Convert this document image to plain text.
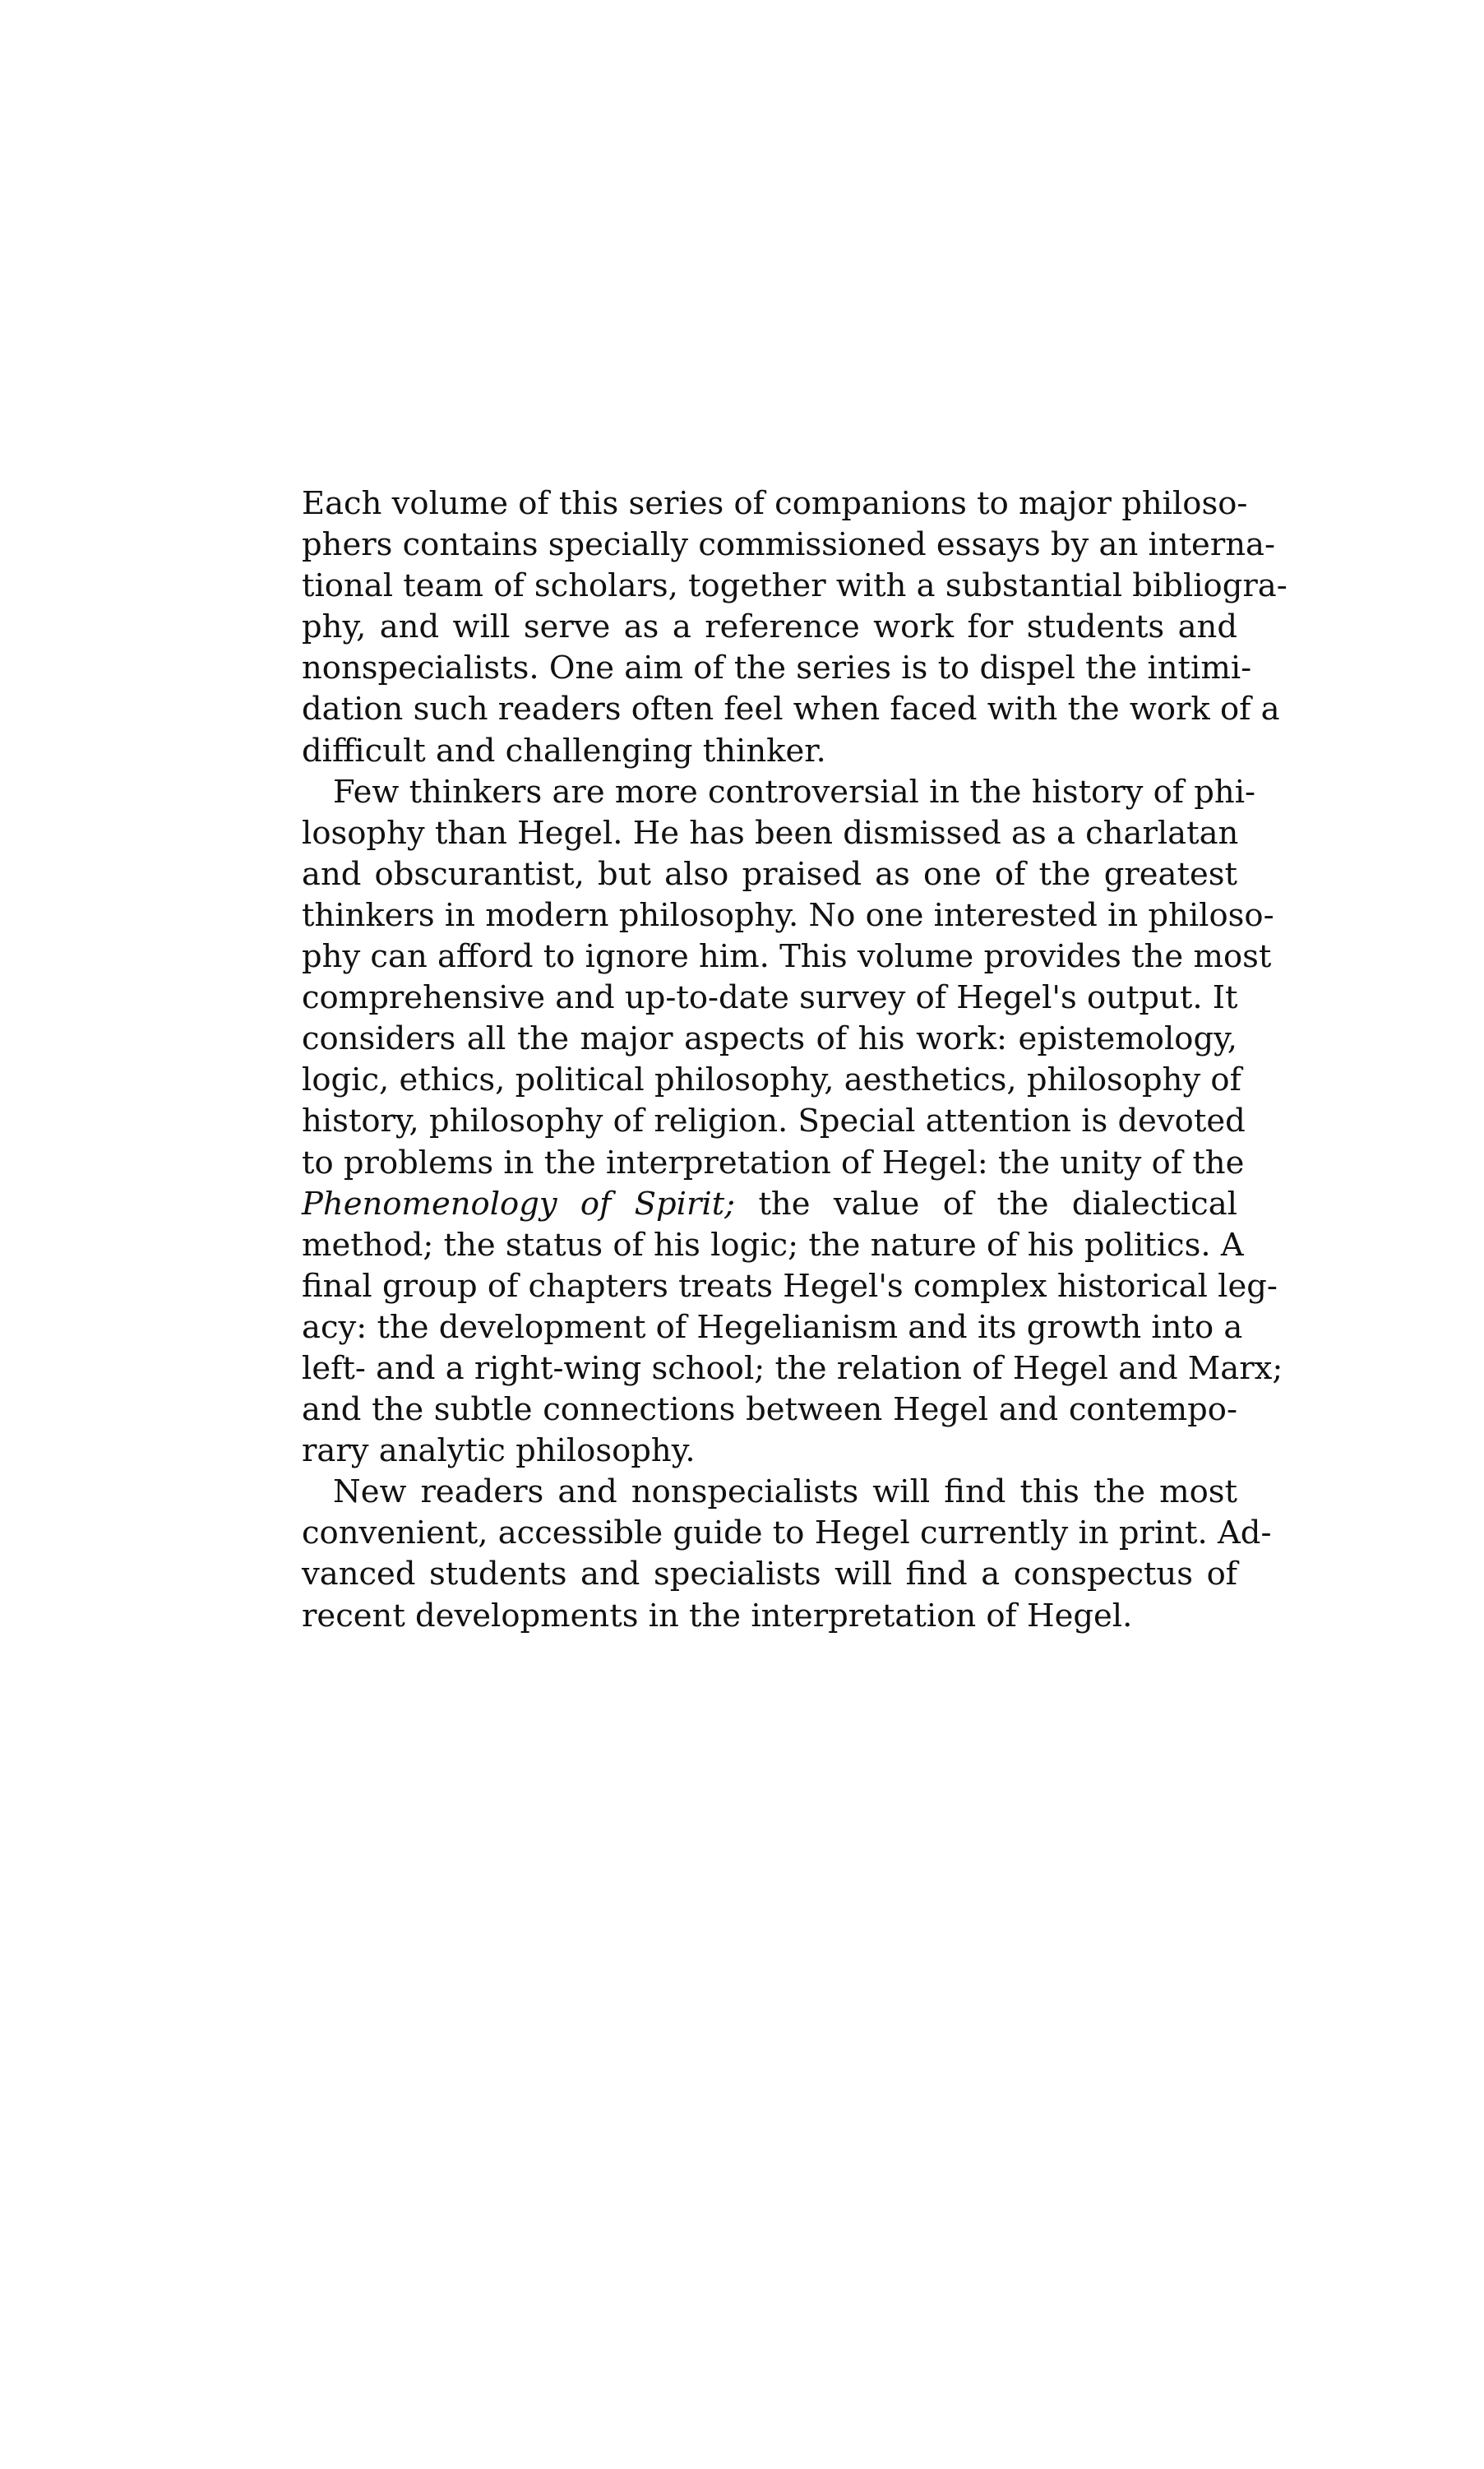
Each volume of this series of companions to major philoso-
phers contains specially commissioned essays by an interna-
tional team of scholars, together with a substantial bibliogra-
phy, and will serve as a reference work for students and
nonspecialists. One aim of the series is to dispel the intimi-
dation such readers often feel when faced with the work of a
difficult and challenging thinker.
Few thinkers are more controversial in the history of phi-
losophy than Hegel. He has been dismissed as a charlatan
and obscurantist, but also praised as one of the greatest
thinkers in modern philosophy. No one interested in philoso-
phy can afford to ignore him. This volume provides the most
comprehensive and up-to-date survey of Hegel's output. It
considers all the major aspects of his work: epistemology,
logic, ethics, political philosophy, aesthetics, philosophy of
history, philosophy of religion. Special attention is devoted
to problems in the interpretation of Hegel: the unity of the
Phenomenology of Spirit; the value of the dialectical
method; the status of his logic; the nature of his politics. A
final group of chapters treats Hegel's complex historical leg-
acy: the development of Hegelianism and its growth into a
left- and a right-wing school; the relation of Hegel and Marx;
and the subtle connections between Hegel and contempo-
rary analytic philosophy.
New readers and nonspecialists will find this the most
convenient, accessible guide to Hegel currently in print. Ad-
vanced students and specialists will find a conspectus of
recent developments in the interpretation of Hegel.
